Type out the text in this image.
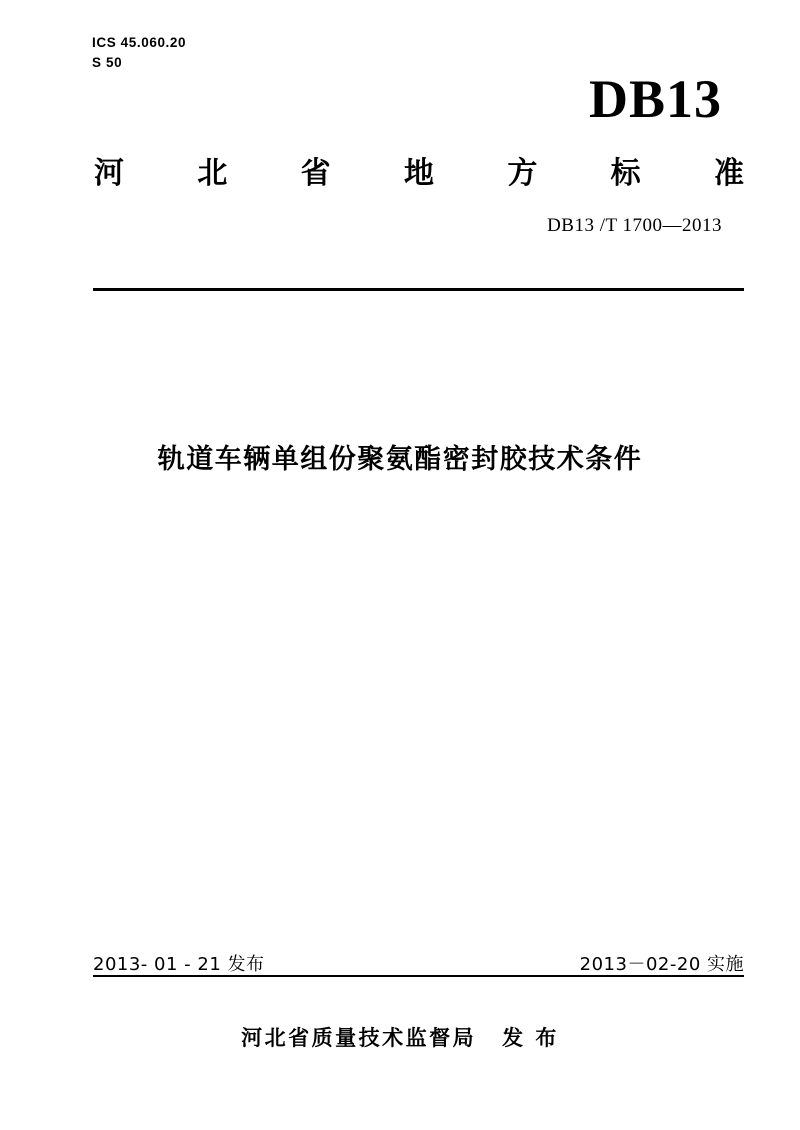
ICS 45.060.20
S 50
DB13
河 北 省 地 方 标 准
DB13 /T 1700—2013
轨道车辆单组份聚氨酯密封胶技术条件
2013- 01 - 21 发布	2013－02-20 实施
河北省质量技术监督局 发 布
